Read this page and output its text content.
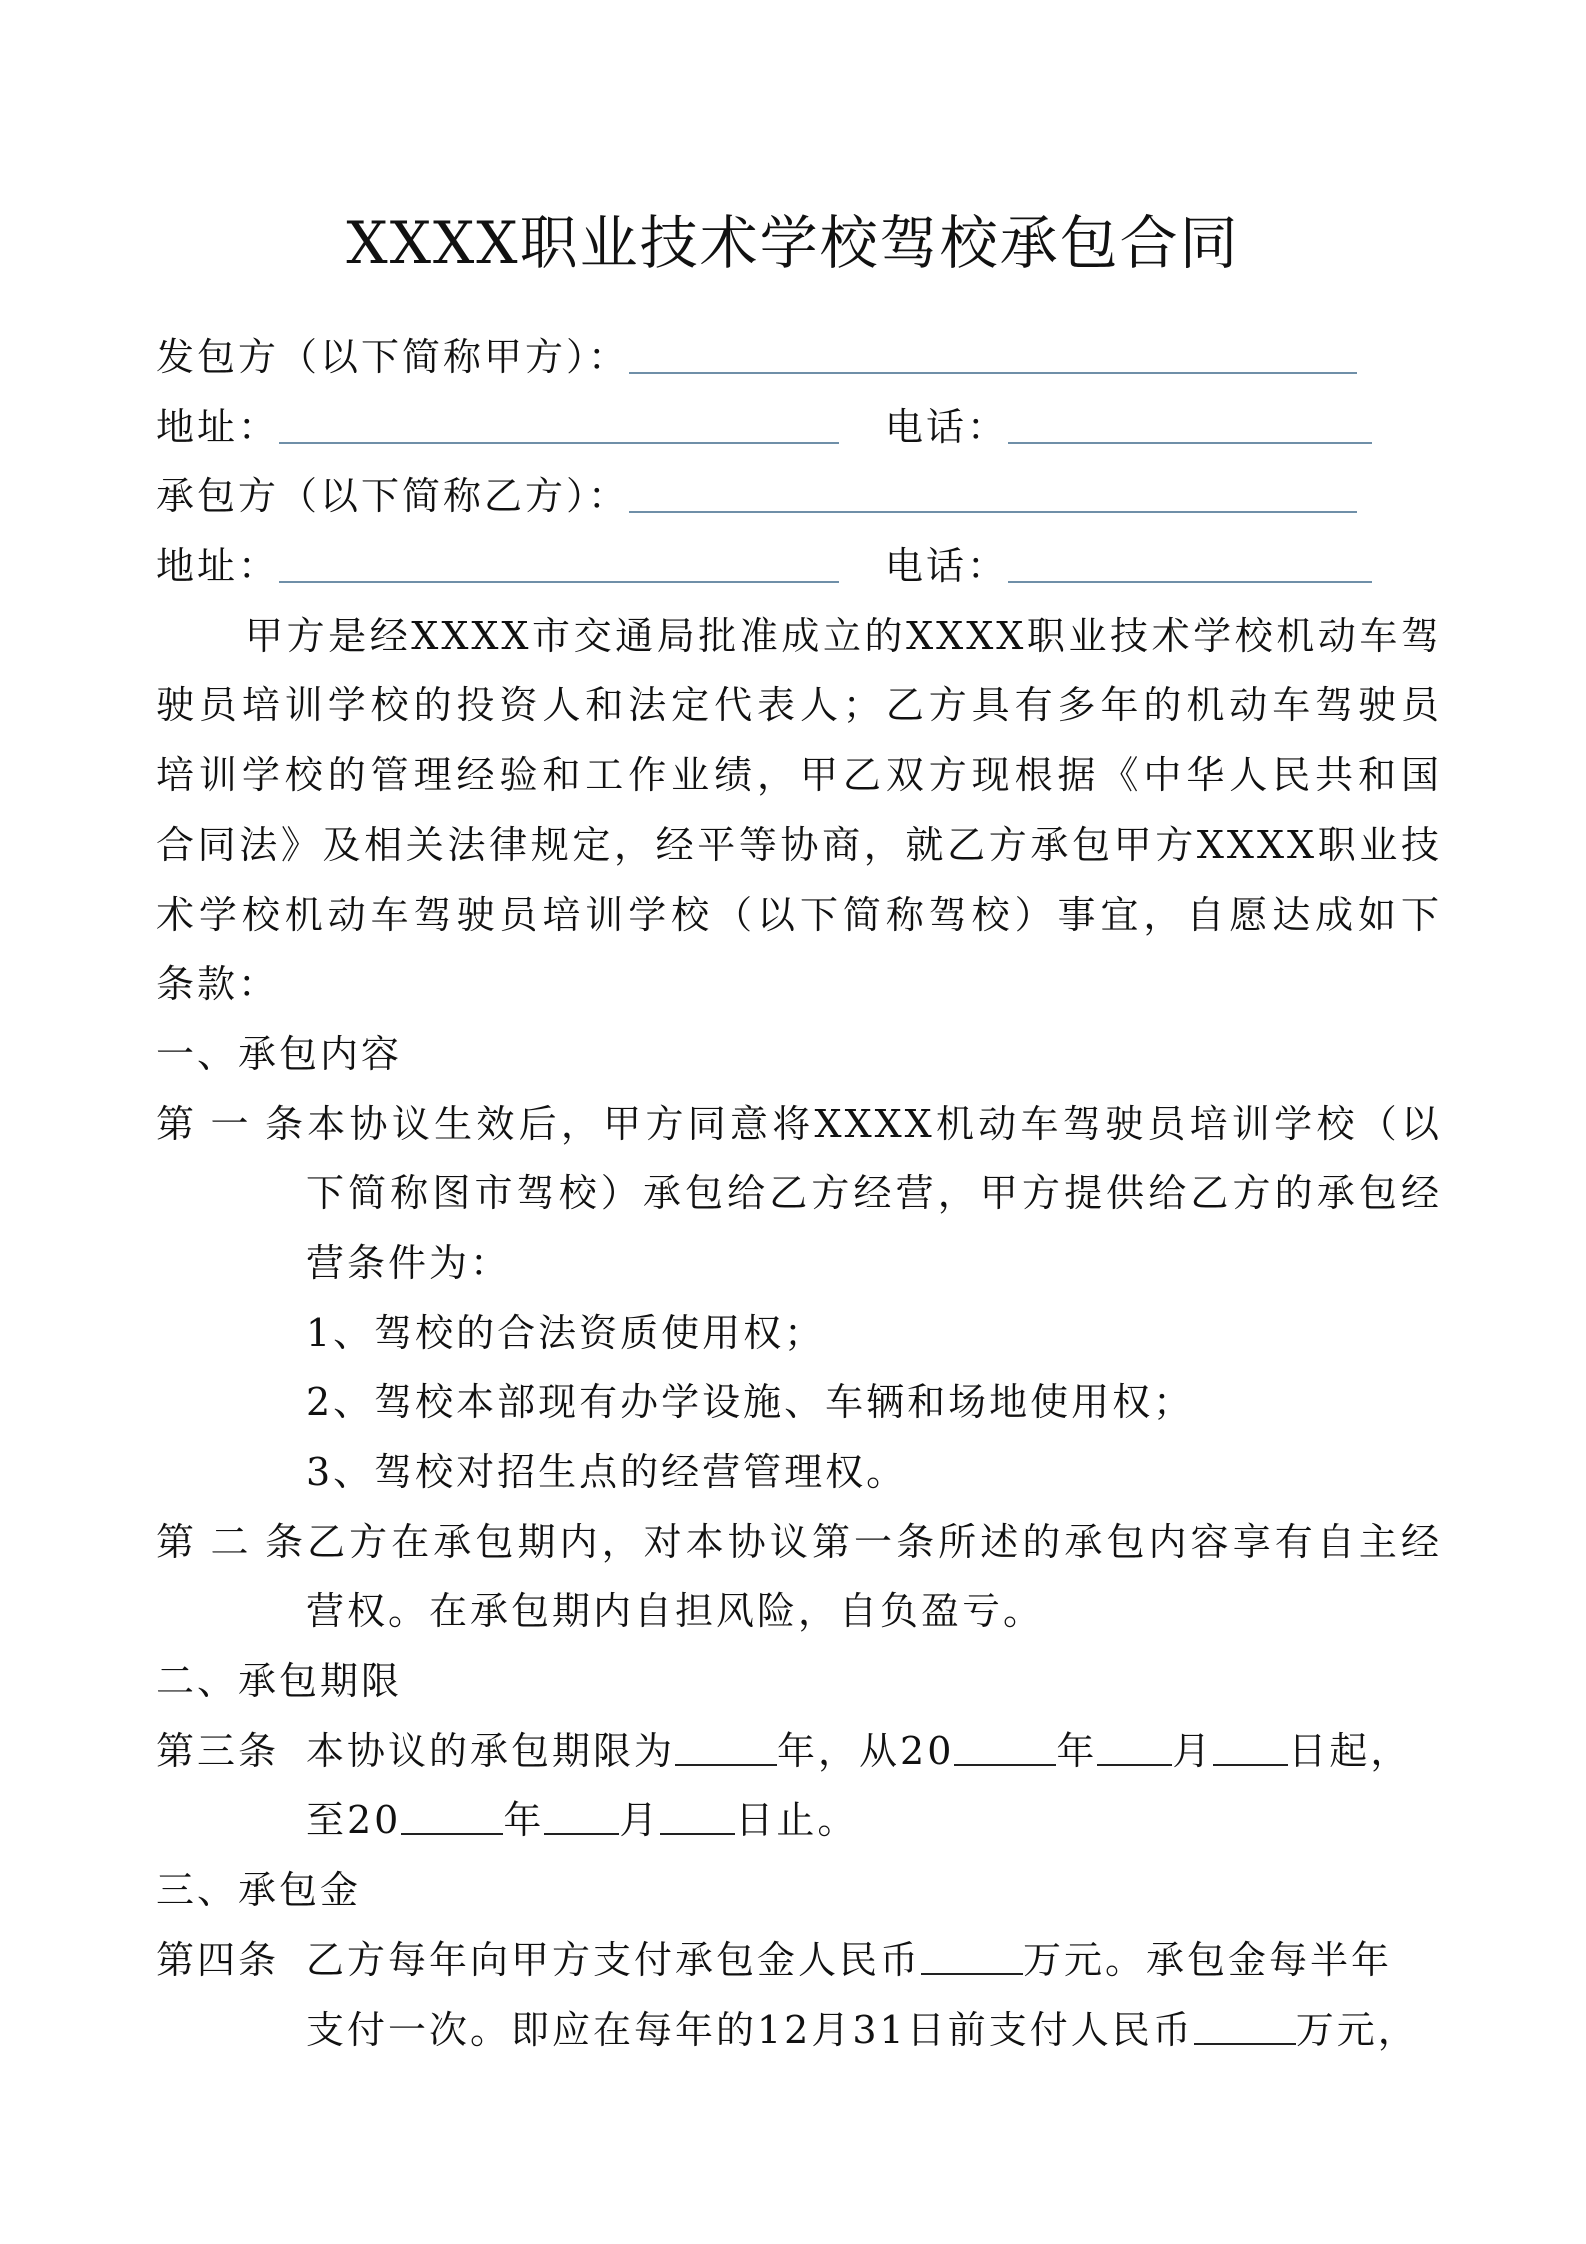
XXXX职业技术学校驾校承包合同
发包方（以下简称甲方）：
地址：	电话：
承包方（以下简称乙方）：
地址：	电话：
甲方是经XXXX市交通局批准成立的XXXX职业技术学校机动车驾
驶员培训学校的投资人和法定代表人；乙方具有多年的机动车驾驶员
培训学校的管理经验和工作业绩，甲乙双方现根据《中华人民共和国
合同法》及相关法律规定，经平等协商，就乙方承包甲方XXXX职业技
术学校机动车驾驶员培训学校（以下简称驾校）事宜，自愿达成如下
条款：
一、承包内容
第一条本协议生效后，甲方同意将XXXX机动车驾驶员培训学校（以
下简称图市驾校）承包给乙方经营，甲方提供给乙方的承包经
营条件为：
1、驾校的合法资质使用权；
2、驾校本部现有办学设施、车辆和场地使用权；
3、驾校对招生点的经营管理权。
第二条乙方在承包期内，对本协议第一条所述的承包内容享有自主经
营权。在承包期内自担风险，自负盈亏。
二、承包期限
第三条 本协议的承包期限为	年，从20	年 月 日起，
至20	年 月 日止。
三、承包金
第四条 乙方每年向甲方支付承包金人民币	万元。承包金每半年
支付一次。即应在每年的12月31日前支付人民币	万元，
